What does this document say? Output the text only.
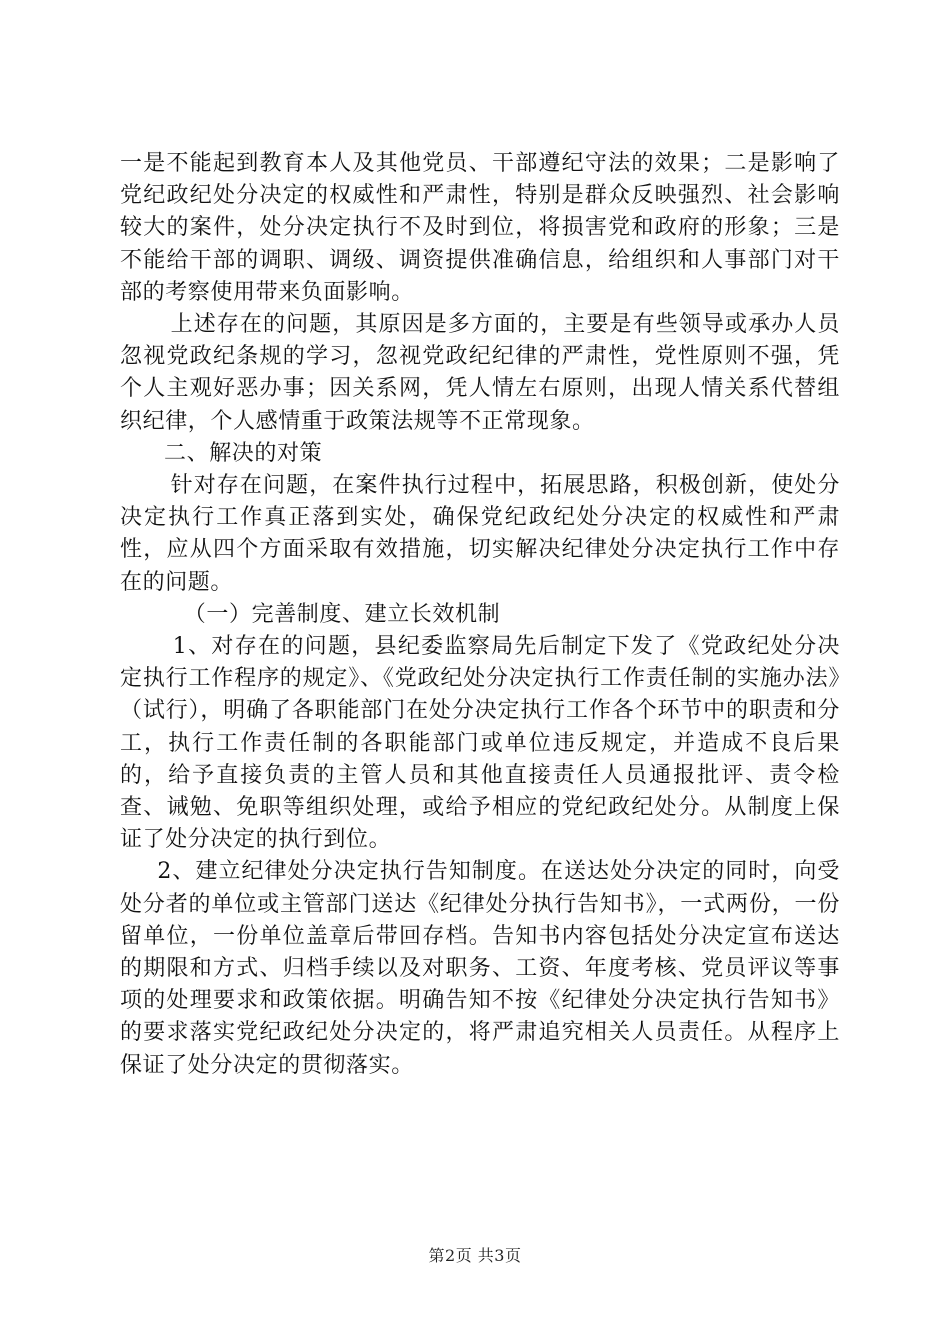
一是不能起到教育本人及其他党员、干部遵纪守法的效果；二是影响了党纪政纪处分决定的权威性和严肃性，特别是群众反映强烈、社会影响较大的案件，处分决定执行不及时到位，将损害党和政府的形象；三是不能给干部的调职、调级、调资提供准确信息，给组织和人事部门对干部的考察使用带来负面影响。

上述存在的问题，其原因是多方面的，主要是有些领导或承办人员忽视党政纪条规的学习，忽视党政纪纪律的严肃性，党性原则不强，凭个人主观好恶办事；因关系网，凭人情左右原则，出现人情关系代替组织纪律，个人感情重于政策法规等不正常现象。

二、解决的对策

针对存在问题，在案件执行过程中，拓展思路，积极创新，使处分决定执行工作真正落到实处，确保党纪政纪处分决定的权威性和严肃性，应从四个方面采取有效措施，切实解决纪律处分决定执行工作中存在的问题。

（一）完善制度、建立长效机制

1、对存在的问题，县纪委监察局先后制定下发了《党政纪处分决定执行工作程序的规定》、《党政纪处分决定执行工作责任制的实施办法》（试行），明确了各职能部门在处分决定执行工作各个环节中的职责和分工，执行工作责任制的各职能部门或单位违反规定，并造成不良后果的，给予直接负责的主管人员和其他直接责任人员通报批评、责令检查、诫勉、免职等组织处理，或给予相应的党纪政纪处分。从制度上保证了处分决定的执行到位。

2、建立纪律处分决定执行告知制度。在送达处分决定的同时，向受处分者的单位或主管部门送达《纪律处分执行告知书》，一式两份，一份留单位，一份单位盖章后带回存档。告知书内容包括处分决定宣布送达的期限和方式、归档手续以及对职务、工资、年度考核、党员评议等事项的处理要求和政策依据。明确告知不按《纪律处分决定执行告知书》的要求落实党纪政纪处分决定的，将严肃追究相关人员责任。从程序上保证了处分决定的贯彻落实。

第2页 共3页
